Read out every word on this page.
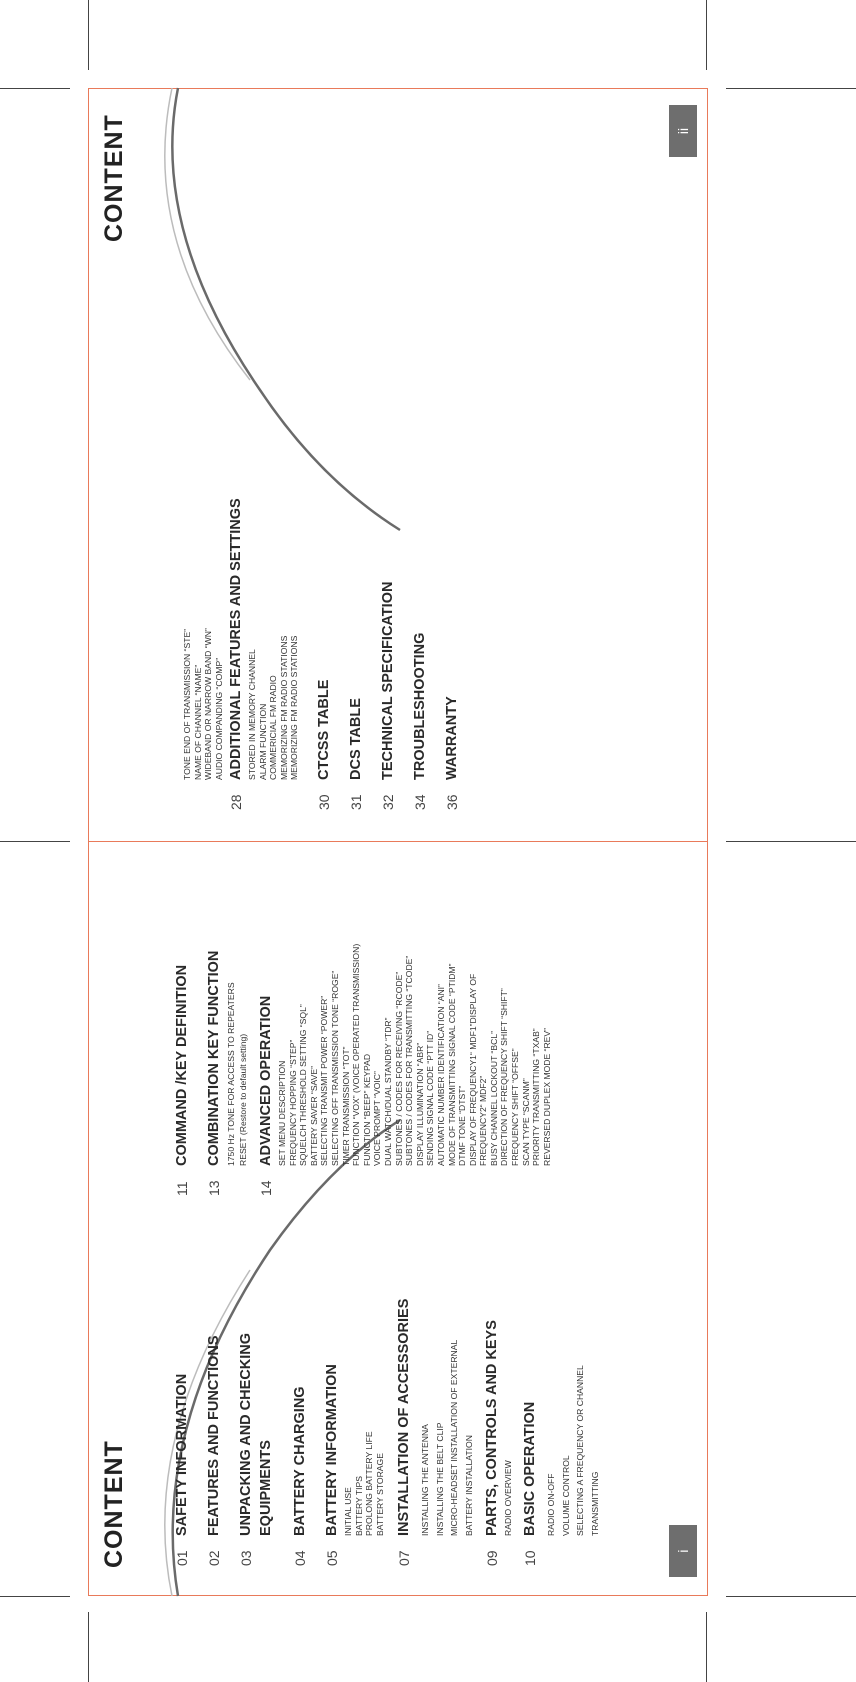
i
ii
CONTENT	01
SAFETY INFORMATION
02
FEATURES AND FUNCTIONS
03
UNPACKING AND CHECKING EQUIPMENTS
04
BATTERY CHARGING
05
BATTERY INFORMATION INITIAL USE BATTERY TIPS PROLONG BATTERY LIFE BATTERY STORAGE
07
INSTALLATION OF ACCESSORIES INSTALLING THE ANTENNA INSTALLING THE BELT CLIP MICRO-HEADSET INSTALLATION OF EXTERNAL BATTERY INSTALLATION
09
PARTS, CONTROLS AND KEYS RADIO OVERVIEW
10
BASIC OPERATION RADIO ON-OFF VOLUME CONTROL SELECTING A FREQUENCY OR CHANNEL TRANSMITTING
11
COMMAND /KEY DEFINITION
13
COMBINATION KEY FUNCTION 1750 Hz TONE FOR ACCESS TO REPEATERS RESET (Restore to default setting)
14
ADVANCED OPERATION SET MENU DESCRIPTION FREQUENCY HOPPING “STEP” SQUELCH THRESHOLD SETTING “SQL” BATTERY SAVER “SAVE” SELECTING TRANSMIT POWER “POWER” SELECTING OFF TRANSMISSION TONE “ROGE” TIMER TRANSMISSION “TOT” FUNCTION “VOX” (VOICE OPERATED TRANSMISSION) FUNCTION “BEEP” KEYPAD VOICE PROMPT “VOIC” DUAL WATCH/DUAL STANDBY “TDR” SUBTONES / CODES FOR RECEIVING “RCODE” SUBTONES / CODES FOR TRANSMITTING “TCODE” DISPLAY ILLUMINATION “ABR” SENDING SIGNAL CODE “PTT ID” AUTOMATIC NUMBER IDENTIFICATION “ANI” MODE OF TRANSMITTING SIGNAL CODE “PTIDM” DTMF TONE “DTST” DISPLAY OF FREQUENCY1“ MDF1”DISPLAY OF FREQUENCY2“ MDF2” BUSY CHANNEL LOCKOUT “BCL” DIRECTION OF FREQUENCY SHIFT “SHIFT” FREQUENCY SHIFT “OFFSE” SCAN TYPE “SCANM” PRIORITY TRANSMITTING “TXAB” REVERSED DUPLEX MODE “REV”
CONTENT
TONE END OF TRANSMISSION “STE” NAME OF CHANNEL “NAME” WIDEBAND OR NARROW BAND “WN” AUDIO COMPANDING “COMP”
28
ADDITIONAL FEATURES AND SETTINGS STORED IN MEMORY CHANNEL ALARM FUNCTION COMMERICIAL FM RADIO MEMORIZING FM RADIO STATIONS MEMORIZING FM RADIO STATIONS
30
CTCSS TABLE
31
DCS TABLE
32
TECHNICAL SPECIFICATION
34
TROUBLESHOOTING
36
WARRANTY
